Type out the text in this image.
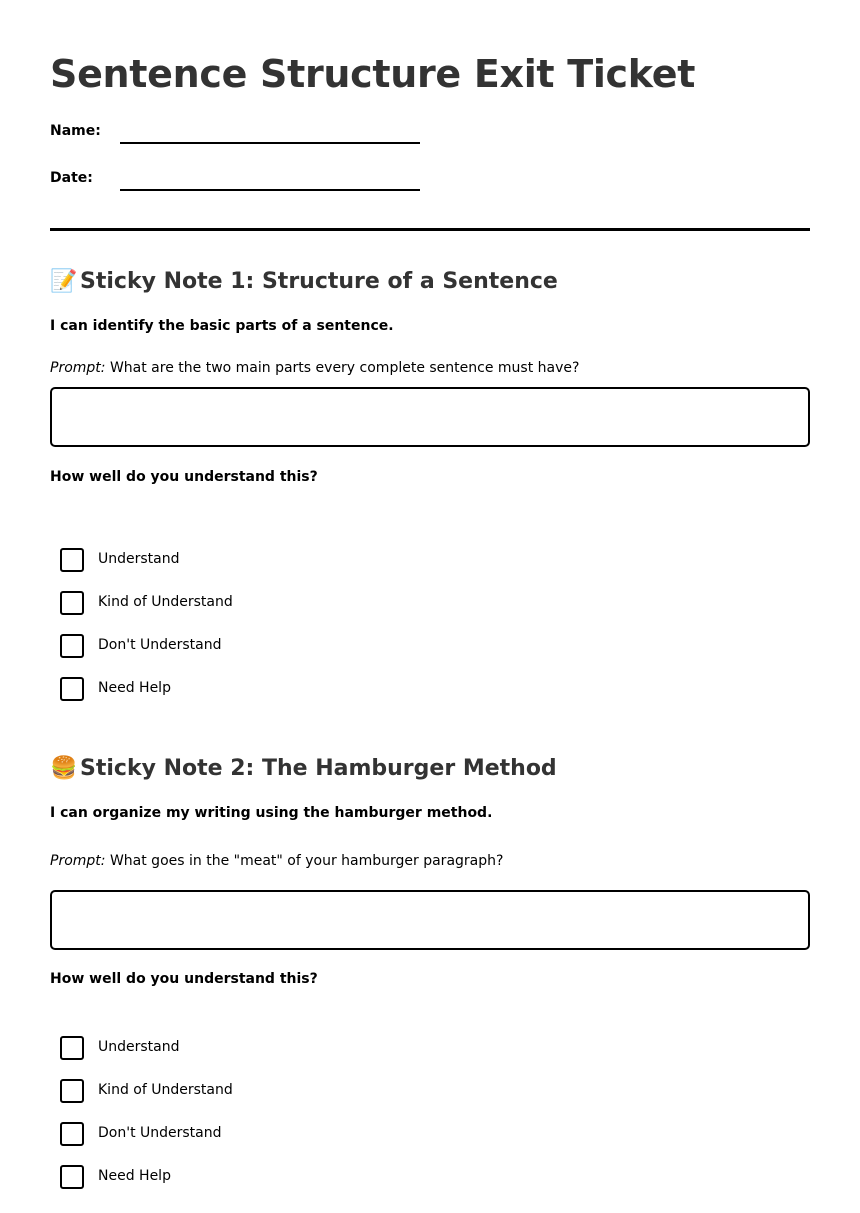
Sentence Structure Exit Ticket
Name:
Date:
📝 Sticky Note 1: Structure of a Sentence
I can identify the basic parts of a sentence.
Prompt: What are the two main parts every complete sentence must have?
How well do you understand this?
Understand
Kind of Understand
Don't Understand
Need Help
🍔 Sticky Note 2: The Hamburger Method
I can organize my writing using the hamburger method.
Prompt: What goes in the "meat" of your hamburger paragraph?
How well do you understand this?
Understand
Kind of Understand
Don't Understand
Need Help
